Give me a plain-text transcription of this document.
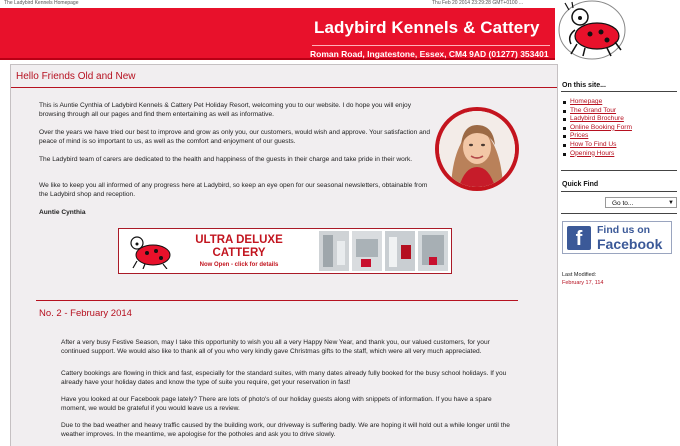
The Ladybird Kennels Homepage	Thu Feb 20 2014 23:29:28 GMT+0100 ...
Ladybird Kennels & Cattery
Roman Road, Ingatestone, Essex, CM4 9AD (01277) 353401
Hello Friends Old and New
This is Auntie Cynthia of Ladybird Kennels & Cattery Pet Holiday Resort, welcoming you to our website. I do hope you will enjoy browsing through all our pages and find them entertaining as well as informative.
Over the years we have tried our best to improve and grow as only you, our customers, would wish and approve. Your satisfaction and peace of mind is so important to us, as well as the comfort and enjoyment of our guests.
The Ladybird team of carers are dedicated to the health and happiness of the guests in their charge and take pride in their work.
We like to keep you all informed of any progress here at Ladybird, so keep an eye open for our seasonal newsletters, obtainable from the Ladybird shop and reception.
Auntie Cynthia
ULTRA DELUXE
CATTERY
Now Open - click for details
No. 2 - February 2014
After a very busy Festive Season, may I take this opportunity to wish you all a very Happy New Year, and thank you, our valued customers, for your continued support. We would also like to thank all of you who very kindly gave Christmas gifts to the staff, which were all very much appreciated.
Cattery bookings are flowing in thick and fast, especially for the standard suites, with many dates already fully booked for the busy school holidays. If you already have your holiday dates and know the type of suite you require, get your reservation in fast!
Have you looked at our Facebook page lately? There are lots of photo's of our holiday guests along with snippets of information. If you have a spare moment, we would be grateful if you would leave us a review.
Due to the bad weather and heavy traffic caused by the building work, our driveway is suffering badly. We are hoping it will hold out a while longer until the weather improves. In the meantime, we apologise for the potholes and ask you to drive slowly.
On this site...
Homepage
The Grand Tour
Ladybird Brochure
Online Booking Form
Prices
How To Find Us
Opening Hours
Quick Find
Go to...	▼
f	Find us on
Facebook
Last Modified:
February 17, 114
